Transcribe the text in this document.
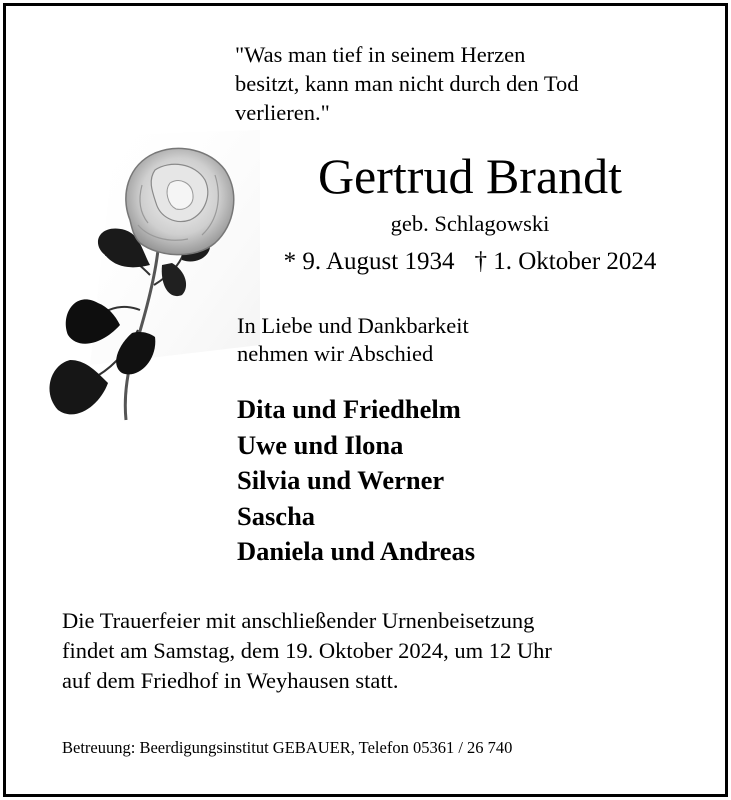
"Was man tief in seinem Herzen
besitzt, kann man nicht durch den Tod
verlieren."
Gertrud Brandt
geb. Schlagowski
* 9. August 1934 † 1. Oktober 2024
In Liebe und Dankbarkeit
nehmen wir Abschied
Dita und Friedhelm
Uwe und Ilona
Silvia und Werner
Sascha
Daniela und Andreas
Die Trauerfeier mit anschließender Urnenbeisetzung
findet am Samstag, dem 19. Oktober 2024, um 12 Uhr
auf dem Friedhof in Weyhausen statt.
Betreuung: Beerdigungsinstitut GEBAUER, Telefon 05361 / 26 740
